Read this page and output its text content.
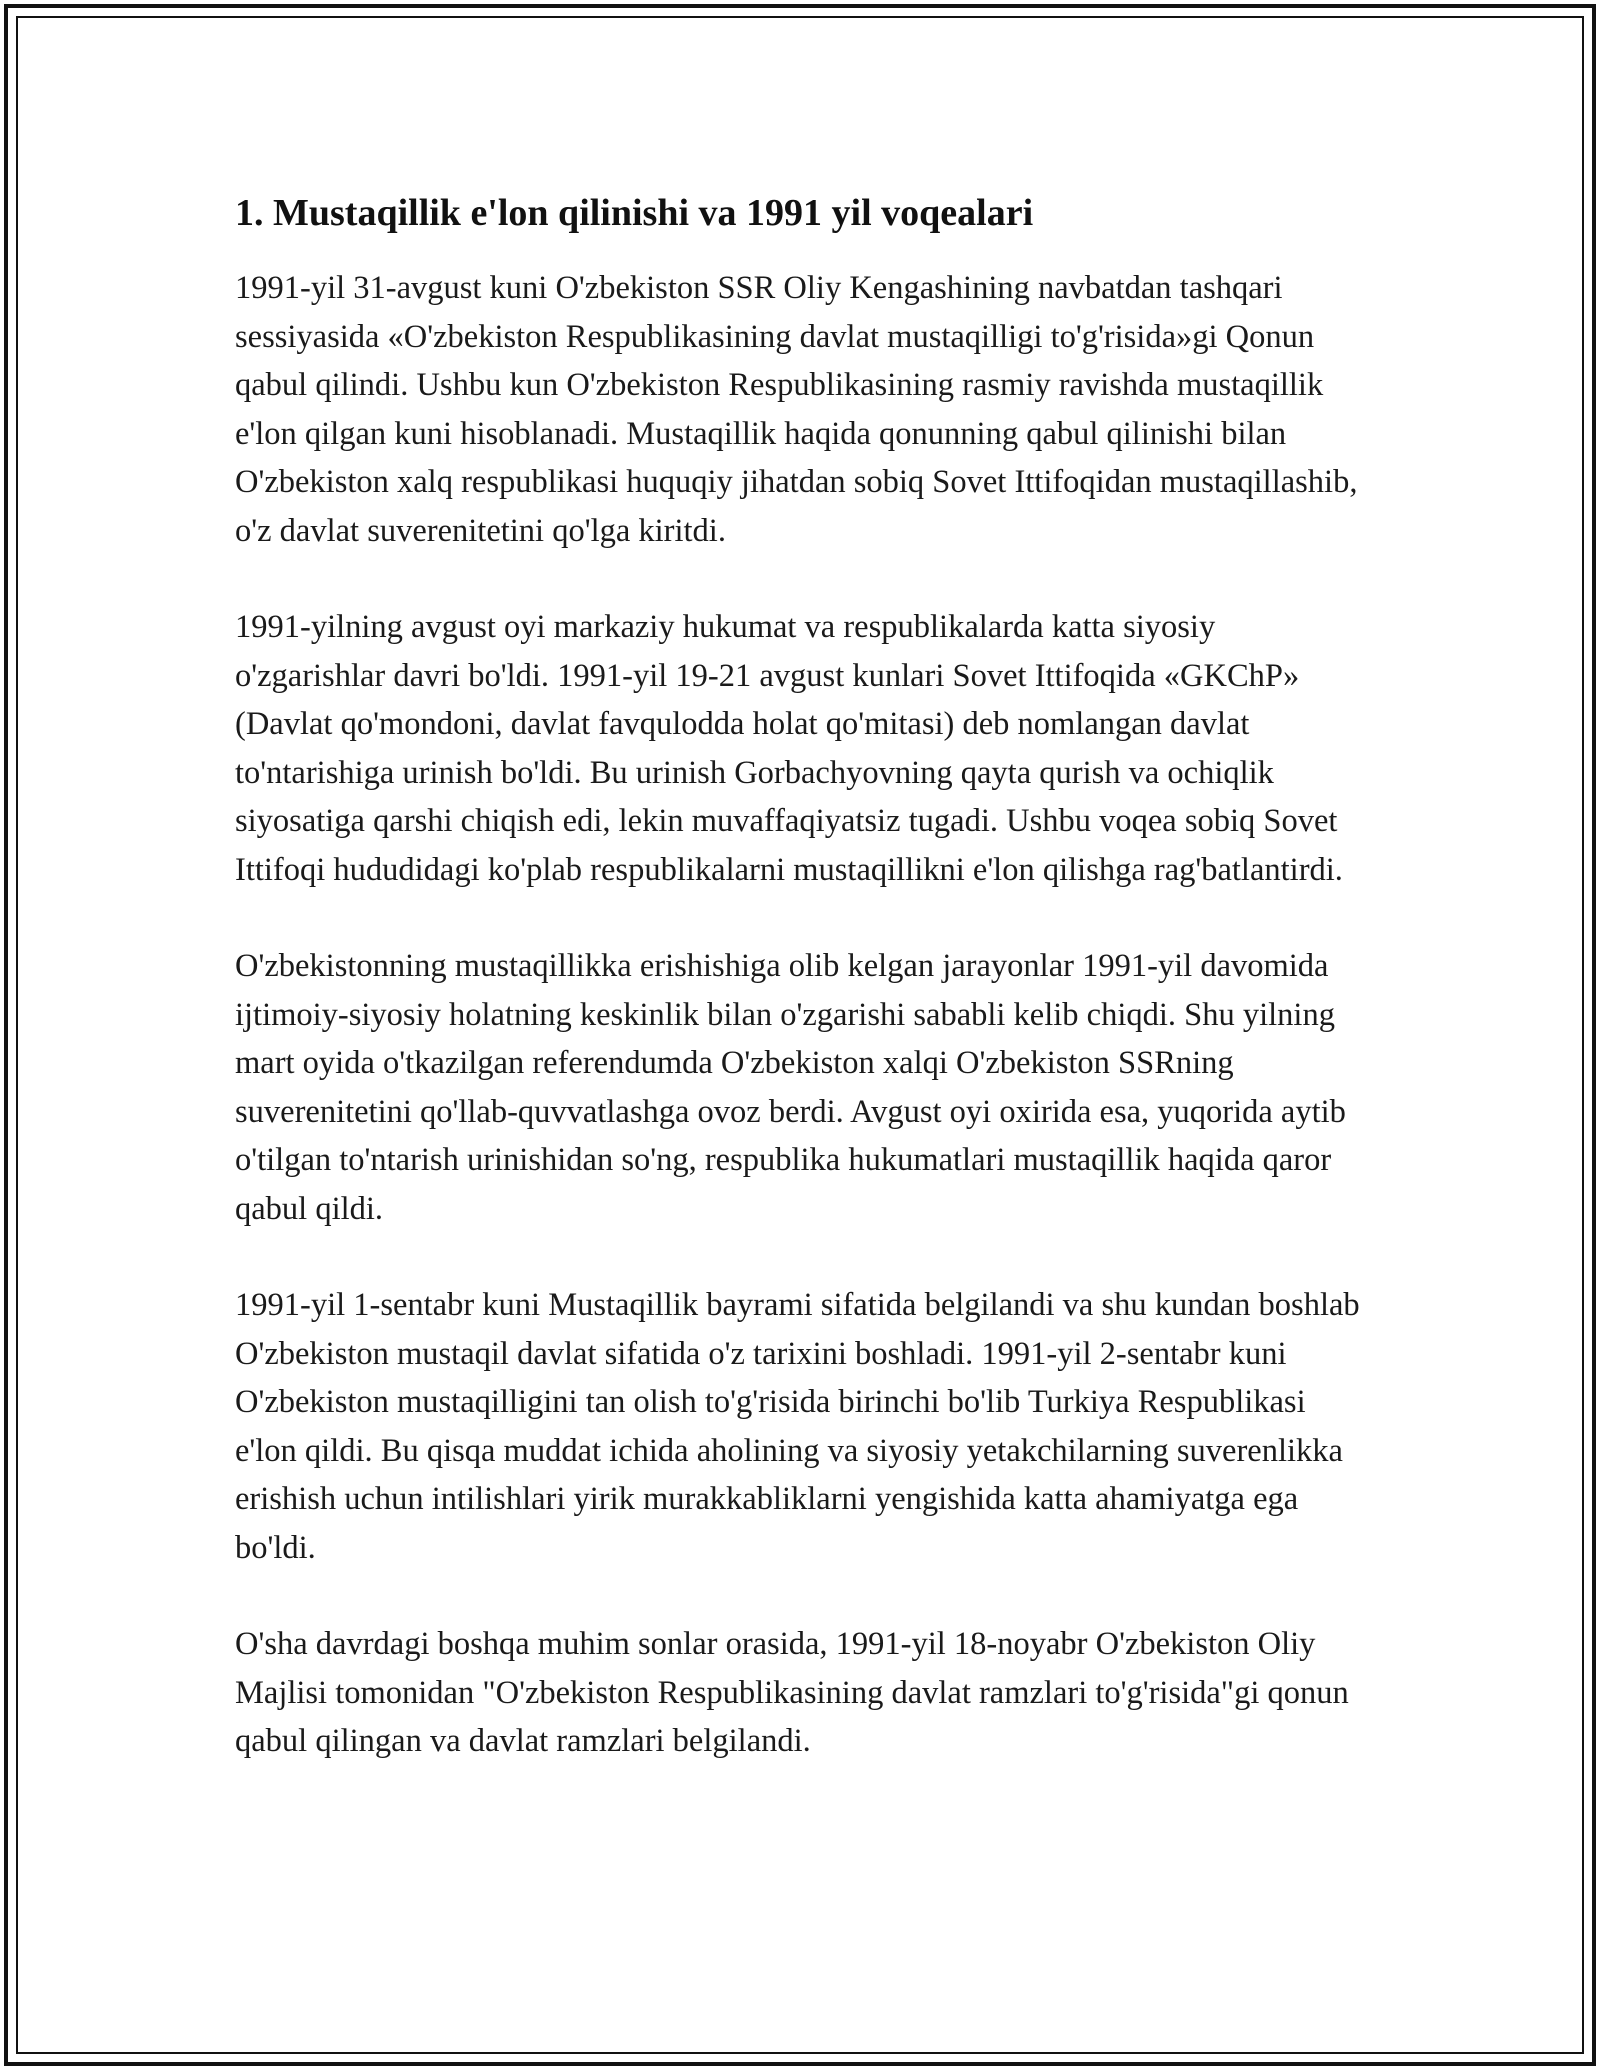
1. Mustaqillik e'lon qilinishi va 1991 yil voqealari

1991-yil 31-avgust kuni O'zbekiston SSR Oliy Kengashining navbatdan tashqari sessiyasida «O'zbekiston Respublikasining davlat mustaqilligi to'g'risida»gi Qonun qabul qilindi. Ushbu kun O'zbekiston Respublikasining rasmiy ravishda mustaqillik e'lon qilgan kuni hisoblanadi. Mustaqillik haqida qonunning qabul qilinishi bilan O'zbekiston xalq respublikasi huquqiy jihatdan sobiq Sovet Ittifoqidan mustaqillashib, o'z davlat suverenitetini qo'lga kiritdi.

1991-yilning avgust oyi markaziy hukumat va respublikalarda katta siyosiy o'zgarishlar davri bo'ldi. 1991-yil 19-21 avgust kunlari Sovet Ittifoqida «GKChP» (Davlat qo'mondoni, davlat favqulodda holat qo'mitasi) deb nomlangan davlat to'ntarishiga urinish bo'ldi. Bu urinish Gorbachyovning qayta qurish va ochiqlik siyosatiga qarshi chiqish edi, lekin muvaffaqiyatsiz tugadi. Ushbu voqea sobiq Sovet Ittifoqi hududidagi ko'plab respublikalarni mustaqillikni e'lon qilishga rag'batlantirdi.

O'zbekistonning mustaqillikka erishishiga olib kelgan jarayonlar 1991-yil davomida ijtimoiy-siyosiy holatning keskinlik bilan o'zgarishi sababli kelib chiqdi. Shu yilning mart oyida o'tkazilgan referendumda O'zbekiston xalqi O'zbekiston SSRning suverenitetini qo'llab-quvvatlashga ovoz berdi. Avgust oyi oxirida esa, yuqorida aytib o'tilgan to'ntarish urinishidan so'ng, respublika hukumatlari mustaqillik haqida qaror qabul qildi.

1991-yil 1-sentabr kuni Mustaqillik bayrami sifatida belgilandi va shu kundan boshlab O'zbekiston mustaqil davlat sifatida o'z tarixini boshladi. 1991-yil 2-sentabr kuni O'zbekiston mustaqilligini tan olish to'g'risida birinchi bo'lib Turkiya Respublikasi e'lon qildi. Bu qisqa muddat ichida aholining va siyosiy yetakchilarning suverenlikka erishish uchun intilishlari yirik murakkabliklarni yengishida katta ahamiyatga ega bo'ldi.

O'sha davrdagi boshqa muhim sonlar orasida, 1991-yil 18-noyabr O'zbekiston Oliy Majlisi tomonidan "O'zbekiston Respublikasining davlat ramzlari to'g'risida"gi qonun qabul qilingan va davlat ramzlari belgilandi.
